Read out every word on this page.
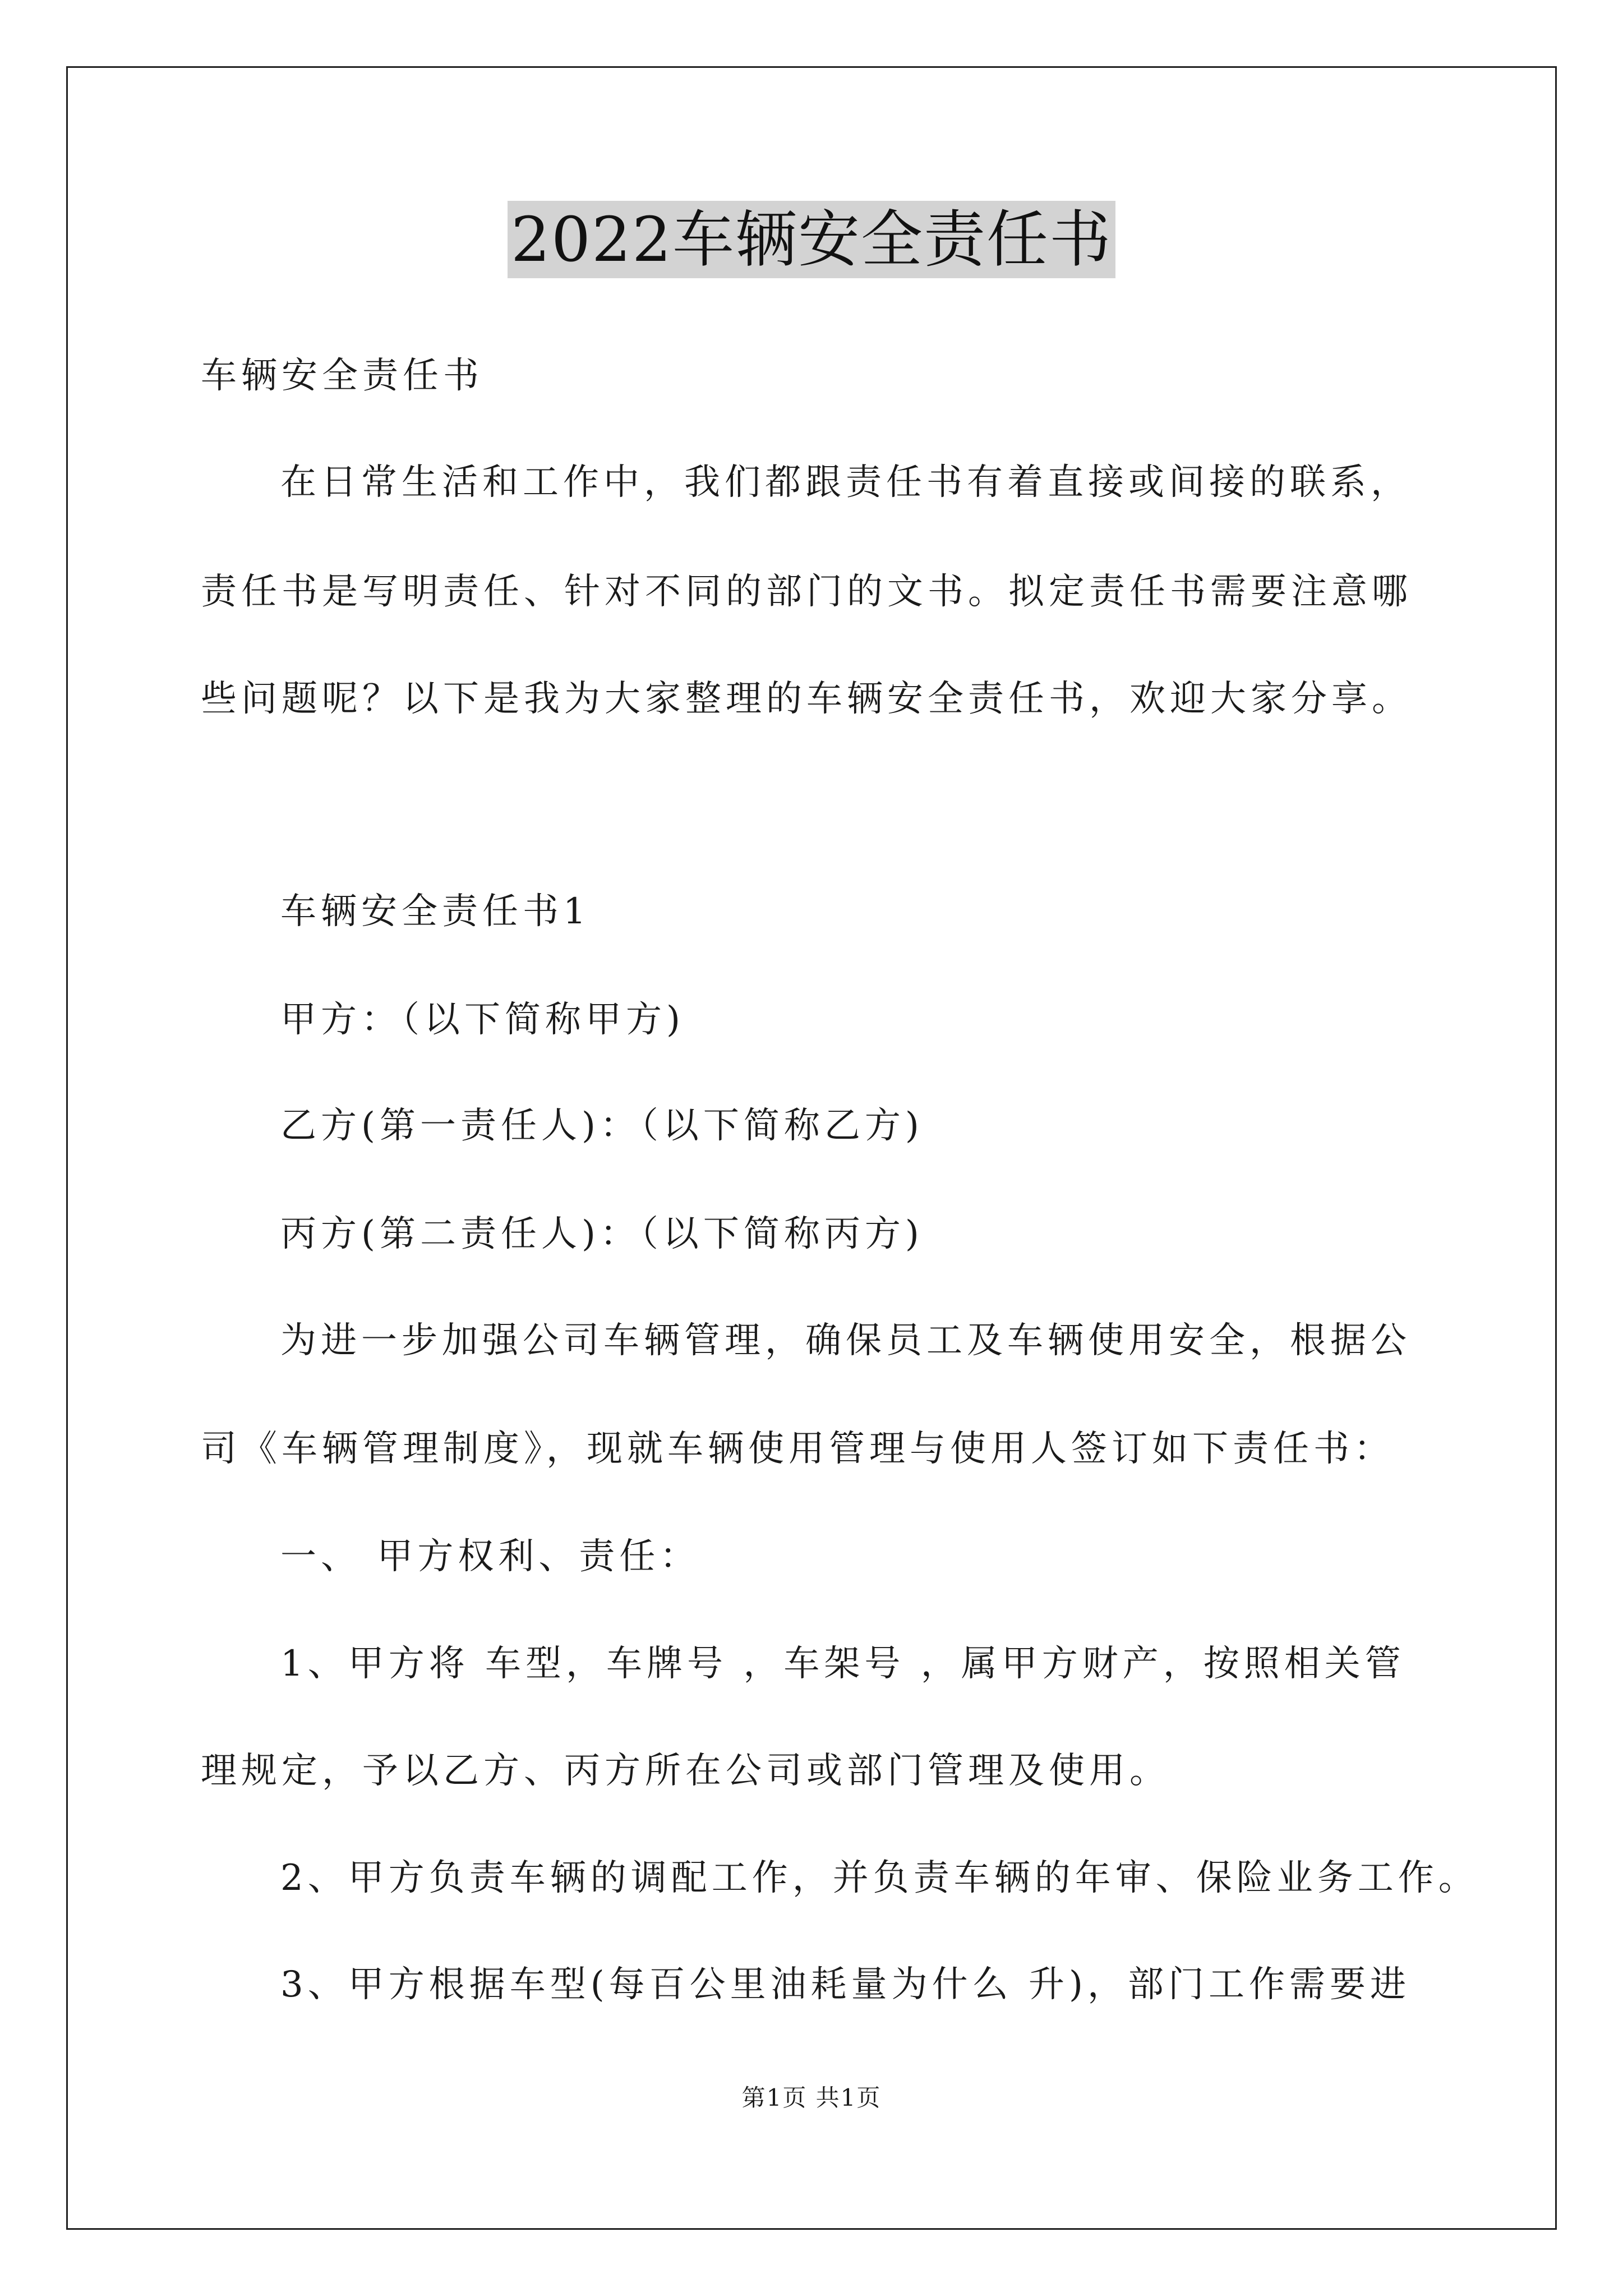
2022车辆安全责任书
车辆安全责任书
在日常生活和工作中，我们都跟责任书有着直接或间接的联系，
责任书是写明责任、针对不同的部门的文书。拟定责任书需要注意哪
些问题呢？以下是我为大家整理的车辆安全责任书，欢迎大家分享。
车辆安全责任书1
甲方：（以下简称甲方)
乙方(第一责任人)：（以下简称乙方)
丙方(第二责任人)：（以下简称丙方)
为进一步加强公司车辆管理，确保员工及车辆使用安全，根据公
司《车辆管理制度》，现就车辆使用管理与使用人签订如下责任书：
一、 甲方权利、责任：
1、甲方将 车型，车牌号 ，车架号 ，属甲方财产，按照相关管
理规定，予以乙方、丙方所在公司或部门管理及使用。
2、甲方负责车辆的调配工作，并负责车辆的年审、保险业务工作。
3、甲方根据车型(每百公里油耗量为什么 升)，部门工作需要进
第1页 共1页
